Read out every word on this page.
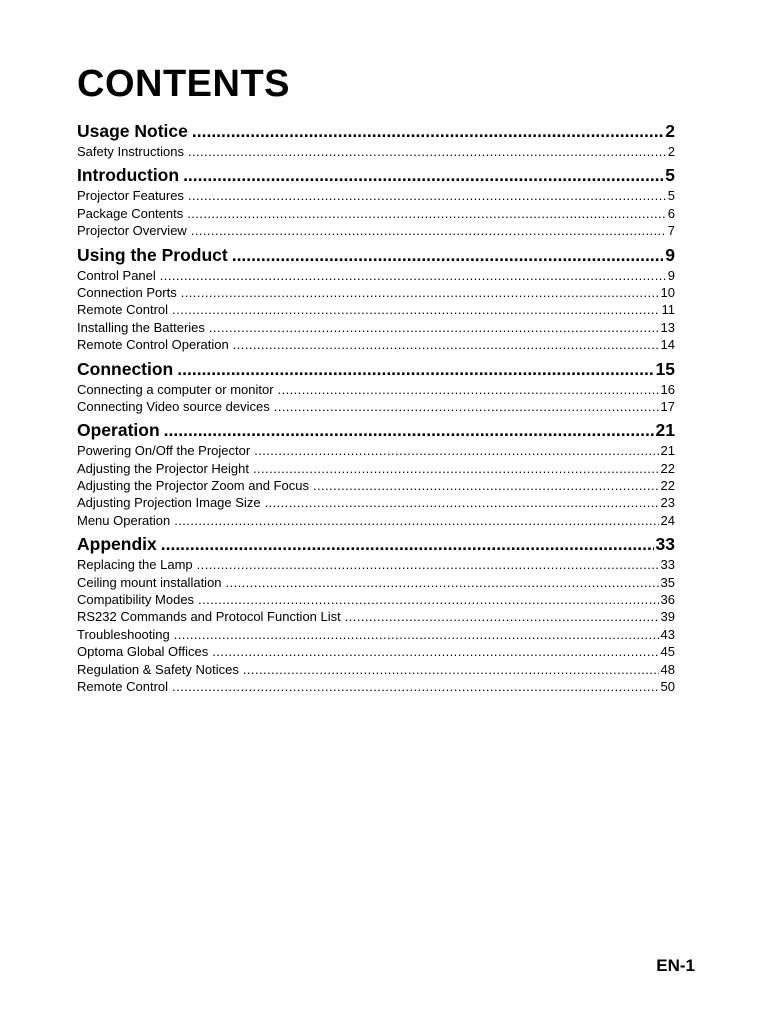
CONTENTS
Usage Notice .....	2
Safety Instructions . . .	2
Introduction .....	5
Projector Features . . .	5
Package Contents . . .	6
Projector Overview . . .	7
Using the Product .....	9
Control Panel . . .	9
Connection Ports . . .	10
Remote Control . . .	11
Installing the Batteries . . .	13
Remote Control Operation . . .	14
Connection .....	15
Connecting a computer or monitor . . .	16
Connecting Video source devices . . .	17
Operation .....	21
Powering On/Off the Projector . . .	21
Adjusting the Projector Height . . .	22
Adjusting the Projector Zoom and Focus . . .	22
Adjusting Projection Image Size . . .	23
Menu Operation . . .	24
Appendix .....	33
Replacing the Lamp . . .	33
Ceiling mount installation . . .	35
Compatibility Modes . . .	36
RS232 Commands and Protocol Function List . . .	39
Troubleshooting . . .	43
Optoma Global Offices . . .	45
Regulation & Safety Notices . . .	48
Remote Control . . .	50
EN-1
